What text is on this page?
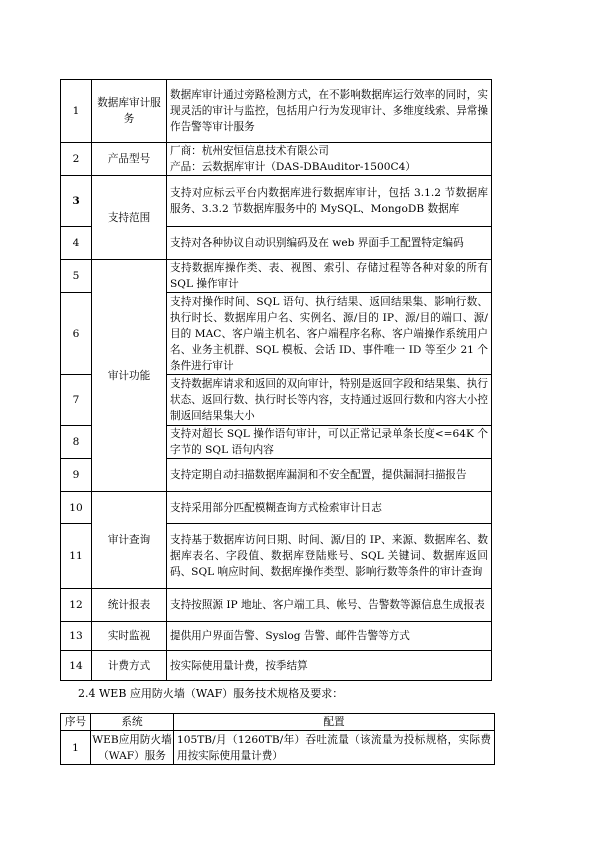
1	数据库审计服务	数据库审计通过旁路检测方式，在不影响数据库运行效率的同时，实现灵活的审计与监控，包括用户行为发现审计、多维度线索、异常操作告警等审计服务
2	产品型号	厂商：杭州安恒信息技术有限公司
产品：云数据库审计（DAS-DBAuditor-1500C4）

3	支持范围	支持对应标云平台内数据库进行数据库审计，包括 3.1.2 节数据库服务、3.3.2 节数据库服务中的 MySQL、MongoDB 数据库
4		支持对各种协议自动识别编码及在 web 界面手工配置特定编码
5	审计功能	支持数据库操作类、表、视图、索引、存储过程等各种对象的所有 SQL 操作审计
6		支持对操作时间、SQL 语句、执行结果、返回结果集、影响行数、执行时长、数据库用户名、实例名、源/目的 IP、源/目的端口、源/目的 MAC、客户端主机名、客户端程序名称、客户端操作系统用户名、业务主机群、SQL 模板、会话 ID、事件唯一 ID 等至少 21 个条件进行审计
7		支持数据库请求和返回的双向审计，特别是返回字段和结果集、执行状态、返回行数、执行时长等内容，支持通过返回行数和内容大小控制返回结果集大小
8		支持对超长 SQL 操作语句审计，可以正常记录单条长度<=64K 个字节的 SQL 语句内容
9		支持定期自动扫描数据库漏洞和不安全配置，提供漏洞扫描报告
10	审计查询	支持采用部分匹配模糊查询方式检索审计日志
11		支持基于数据库访问日期、时间、源/目的 IP、来源、数据库名、数据库表名、字段值、数据库登陆账号、SQL 关键词、数据库返回码、SQL 响应时间、数据库操作类型、影响行数等条件的审计查询
12	统计报表	支持按照源 IP 地址、客户端工具、帐号、告警数等源信息生成报表
13	实时监视	提供用户界面告警、Syslog 告警、邮件告警等方式
14	计费方式	按实际使用量计费，按季结算
2.4 WEB 应用防火墙（WAF）服务技术规格及要求：
序号	系统	配置
1	WEB应用防火墙
（WAF）服务	105TB/月（1260TB/年）吞吐流量（该流量为投标规格，实际费用按实际使用量计费）
